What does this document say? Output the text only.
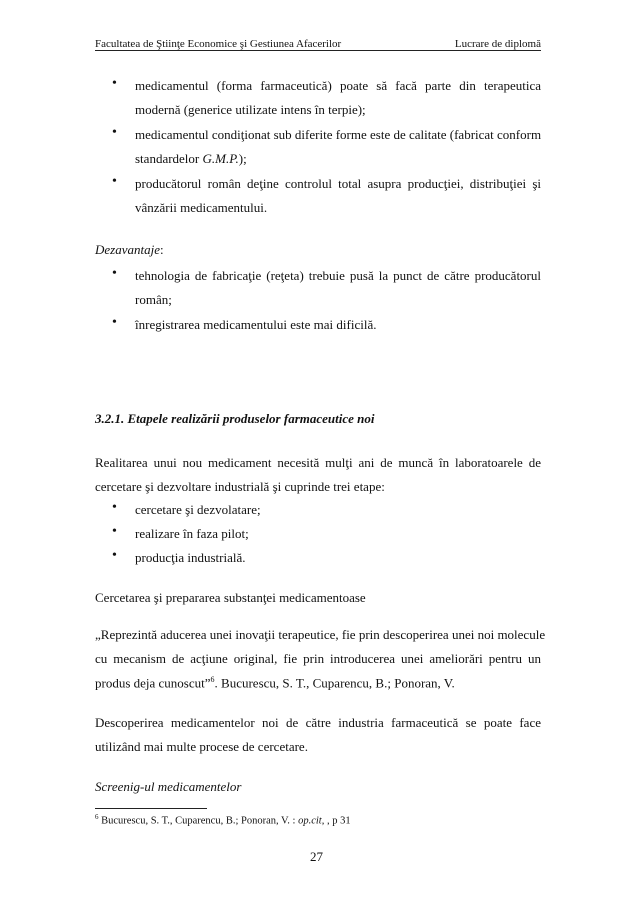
Facultatea de Ştiinţe Economice şi Gestiunea Afacerilor	Lucrare de diplomă
• medicamentul (forma farmaceutică) poate să facă parte din terapeutica
modernă (generice utilizate intens în terpie);
• medicamentul condiţionat sub diferite forme este de calitate (fabricat conform
standardelor G.M.P.);
• producătorul român deţine controlul total asupra producţiei, distribuţiei şi
vânzării medicamentului.
Dezavantaje:
• tehnologia de fabricaţie (reţeta) trebuie pusă la punct de către producătorul
român;
• înregistrarea medicamentului este mai dificilă.
3.2.1. Etapele realizării produselor farmaceutice noi
Realitarea unui nou medicament necesită mulţi ani de muncă în laboratoarele de
cercetare şi dezvoltare industrială şi cuprinde trei etape:
• cercetare şi dezvolatare;
• realizare în faza pilot;
• producţia industrială.
Cercetarea şi prepararea substanţei medicamentoase
„Reprezintă aducerea unei inovaţii terapeutice, fie prin descoperirea unei noi molecule
cu mecanism de acţiune original, fie prin introducerea unei ameliorări pentru un
produs deja cunoscut”$^6$. Bucurescu, S. T., Cuparencu, B.; Ponoran, V.
Descoperirea medicamentelor noi de către industria farmaceutică se poate face
utilizând mai multe procese de cercetare.
Screenig-ul medicamentelor
$^6$ Bucurescu, S. T., Cuparencu, B.; Ponoran, V. : op.cit, , p 31
27
